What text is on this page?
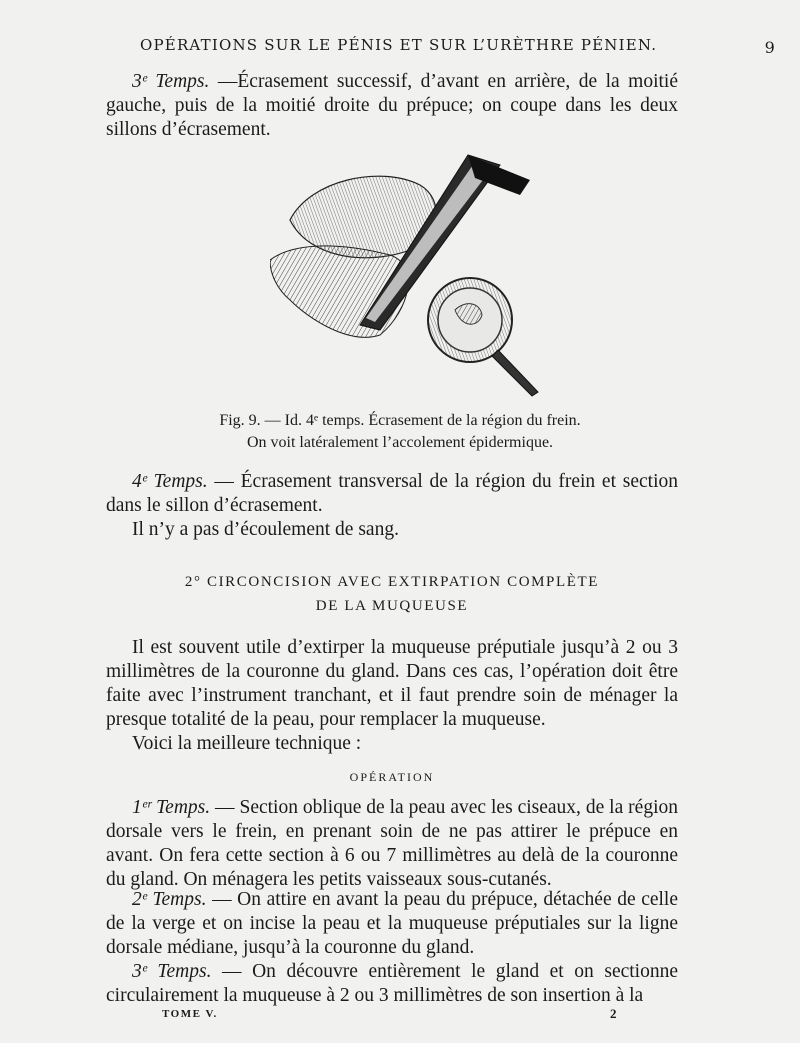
OPÉRATIONS SUR LE PÉNIS ET SUR L’URÈTHRE PÉNIEN.	9
3ᵉ Temps. —Écrasement successif, d’avant en arrière, de la moitié gauche, puis de la moitié droite du prépuce; on coupe dans les deux sillons d’écrasement.
Fig. 9. — Id. 4ᵉ temps. Écrasement de la région du frein.
On voit latéralement l’accolement épidermique.
4ᵉ Temps. — Écrasement transversal de la région du frein et section dans le sillon d’écrasement.
Il n’y a pas d’écoulement de sang.
2° CIRCONCISION AVEC EXTIRPATION COMPLÈTE
DE LA MUQUEUSE
Il est souvent utile d’extirper la muqueuse préputiale jusqu’à 2 ou 3 millimètres de la couronne du gland. Dans ces cas, l’opération doit être faite avec l’instrument tranchant, et il faut prendre soin de ménager la presque totalité de la peau, pour remplacer la muqueuse.
Voici la meilleure technique :
OPÉRATION
1ᵉʳ Temps. — Section oblique de la peau avec les ciseaux, de la région dorsale vers le frein, en prenant soin de ne pas attirer le prépuce en avant. On fera cette section à 6 ou 7 millimètres au delà de la couronne du gland. On ménagera les petits vaisseaux sous-cutanés.
2ᵉ Temps. — On attire en avant la peau du prépuce, détachée de celle de la verge et on incise la peau et la muqueuse préputiales sur la ligne dorsale médiane, jusqu’à la couronne du gland.
3ᵉ Temps. — On découvre entièrement le gland et on sectionne circulairement la muqueuse à 2 ou 3 millimètres de son insertion à la
TOME V.	2
